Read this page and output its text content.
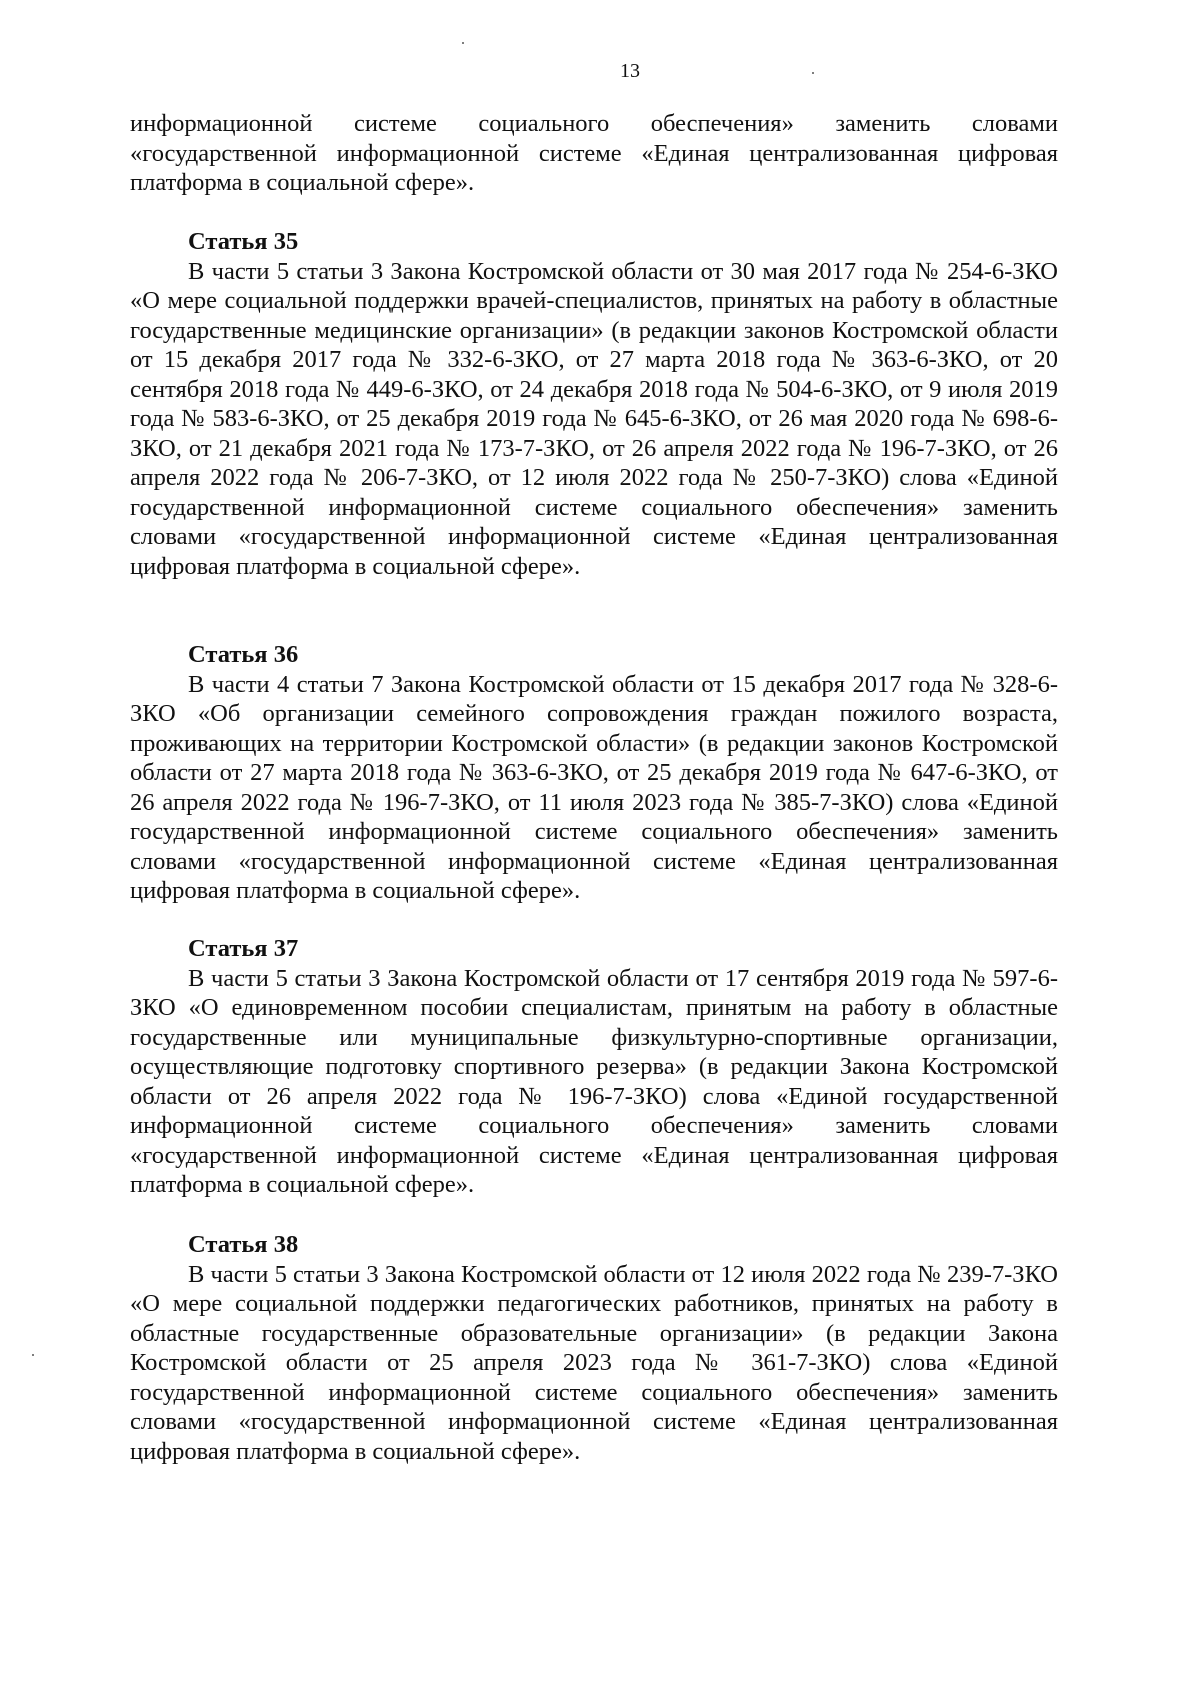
13

информационной системе социального обеспечения» заменить словами «государственной информационной системе «Единая централизованная цифровая платформа в социальной сфере».

Статья 35

В части 5 статьи 3 Закона Костромской области от 30 мая 2017 года № 254-6-ЗКО «О мере социальной поддержки врачей-специалистов, принятых на работу в областные государственные медицинские организации» (в редакции законов Костромской области от 15 декабря 2017 года № 332-6-ЗКО, от 27 марта 2018 года № 363-6-ЗКО, от 20 сентября 2018 года № 449-6-ЗКО, от 24 декабря 2018 года № 504-6-ЗКО, от 9 июля 2019 года № 583-6-ЗКО, от 25 декабря 2019 года № 645-6-ЗКО, от 26 мая 2020 года № 698-6-ЗКО, от 21 декабря 2021 года № 173-7-ЗКО, от 26 апреля 2022 года № 196-7-ЗКО, от 26 апреля 2022 года № 206-7-ЗКО, от 12 июля 2022 года № 250-7-ЗКО) слова «Единой государственной информационной системе социального обеспечения» заменить словами «государственной информационной системе «Единая централизованная цифровая платформа в социальной сфере».

Статья 36

В части 4 статьи 7 Закона Костромской области от 15 декабря 2017 года № 328-6-ЗКО «Об организации семейного сопровождения граждан пожилого возраста, проживающих на территории Костромской области» (в редакции законов Костромской области от 27 марта 2018 года № 363-6-ЗКО, от 25 декабря 2019 года № 647-6-ЗКО, от 26 апреля 2022 года № 196-7-ЗКО, от 11 июля 2023 года № 385-7-ЗКО) слова «Единой государственной информационной системе социального обеспечения» заменить словами «государственной информационной системе «Единая централизованная цифровая платформа в социальной сфере».

Статья 37

В части 5 статьи 3 Закона Костромской области от 17 сентября 2019 года № 597-6-ЗКО «О единовременном пособии специалистам, принятым на работу в областные государственные или муниципальные физкультурно-спортивные организации, осуществляющие подготовку спортивного резерва» (в редакции Закона Костромской области от 26 апреля 2022 года № 196-7-ЗКО) слова «Единой государственной информационной системе социального обеспечения» заменить словами «государственной информационной системе «Единая централизованная цифровая платформа в социальной сфере».

Статья 38

В части 5 статьи 3 Закона Костромской области от 12 июля 2022 года № 239-7-ЗКО «О мере социальной поддержки педагогических работников, принятых на работу в областные государственные образовательные организации» (в редакции Закона Костромской области от 25 апреля 2023 года № 361-7-ЗКО) слова «Единой государственной информационной системе социального обеспечения» заменить словами «государственной информационной системе «Единая централизованная цифровая платформа в социальной сфере».
